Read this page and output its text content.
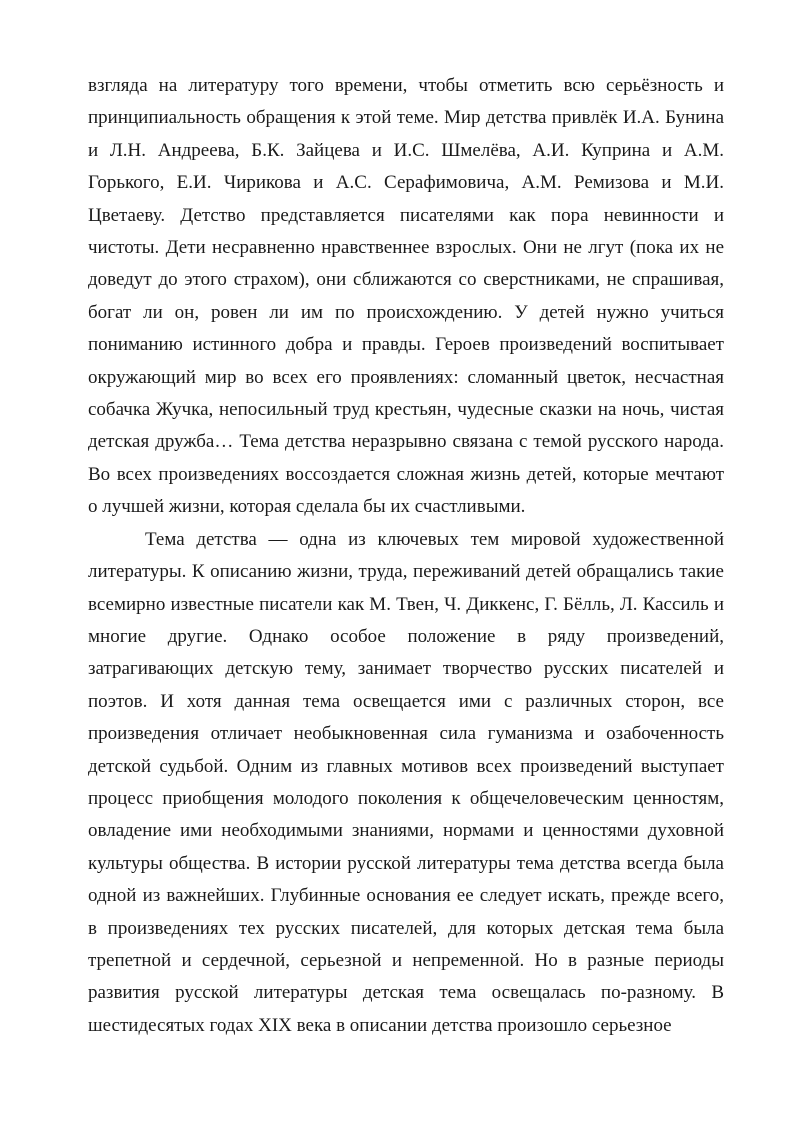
взгляда на литературу того времени, чтобы отметить всю серьёзность и принципиальность обращения к этой теме. Мир детства привлёк И.А. Бунина и Л.Н. Андреева, Б.К. Зайцева и И.С. Шмелёва, А.И. Куприна и А.М. Горького, Е.И. Чирикова и А.С. Серафимовича, А.М. Ремизова и М.И. Цветаеву. Детство представляется писателями как пора невинности и чистоты. Дети несравненно нравственнее взрослых. Они не лгут (пока их не доведут до этого страхом), они сближаются со сверстниками, не спрашивая, богат ли он, ровен ли им по происхождению. У детей нужно учиться пониманию истинного добра и правды. Героев произведений воспитывает окружающий мир во всех его проявлениях: сломанный цветок, несчастная собачка Жучка, непосильный труд крестьян, чудесные сказки на ночь, чистая детская дружба… Тема детства неразрывно связана с темой русского народа. Во всех произведениях воссоздается сложная жизнь детей, которые мечтают о лучшей жизни, которая сделала бы их счастливыми.

Тема детства — одна из ключевых тем мировой художественной литературы. К описанию жизни, труда, переживаний детей обращались такие всемирно известные писатели как М. Твен, Ч. Диккенс, Г. Бёлль, Л. Кассиль и многие другие. Однако особое положение в ряду произведений, затрагивающих детскую тему, занимает творчество русских писателей и поэтов. И хотя данная тема освещается ими с различных сторон, все произведения отличает необыкновенная сила гуманизма и озабоченность детской судьбой. Одним из главных мотивов всех произведений выступает процесс приобщения молодого поколения к общечеловеческим ценностям, овладение ими необходимыми знаниями, нормами и ценностями духовной культуры общества. В истории русской литературы тема детства всегда была одной из важнейших. Глубинные основания ее следует искать, прежде всего, в произведениях тех русских писателей, для которых детская тема была трепетной и сердечной, серьезной и непременной. Но в разные периоды развития русской литературы детская тема освещалась по-разному. В шестидесятых годах XIX века в описании детства произошло серьезное
